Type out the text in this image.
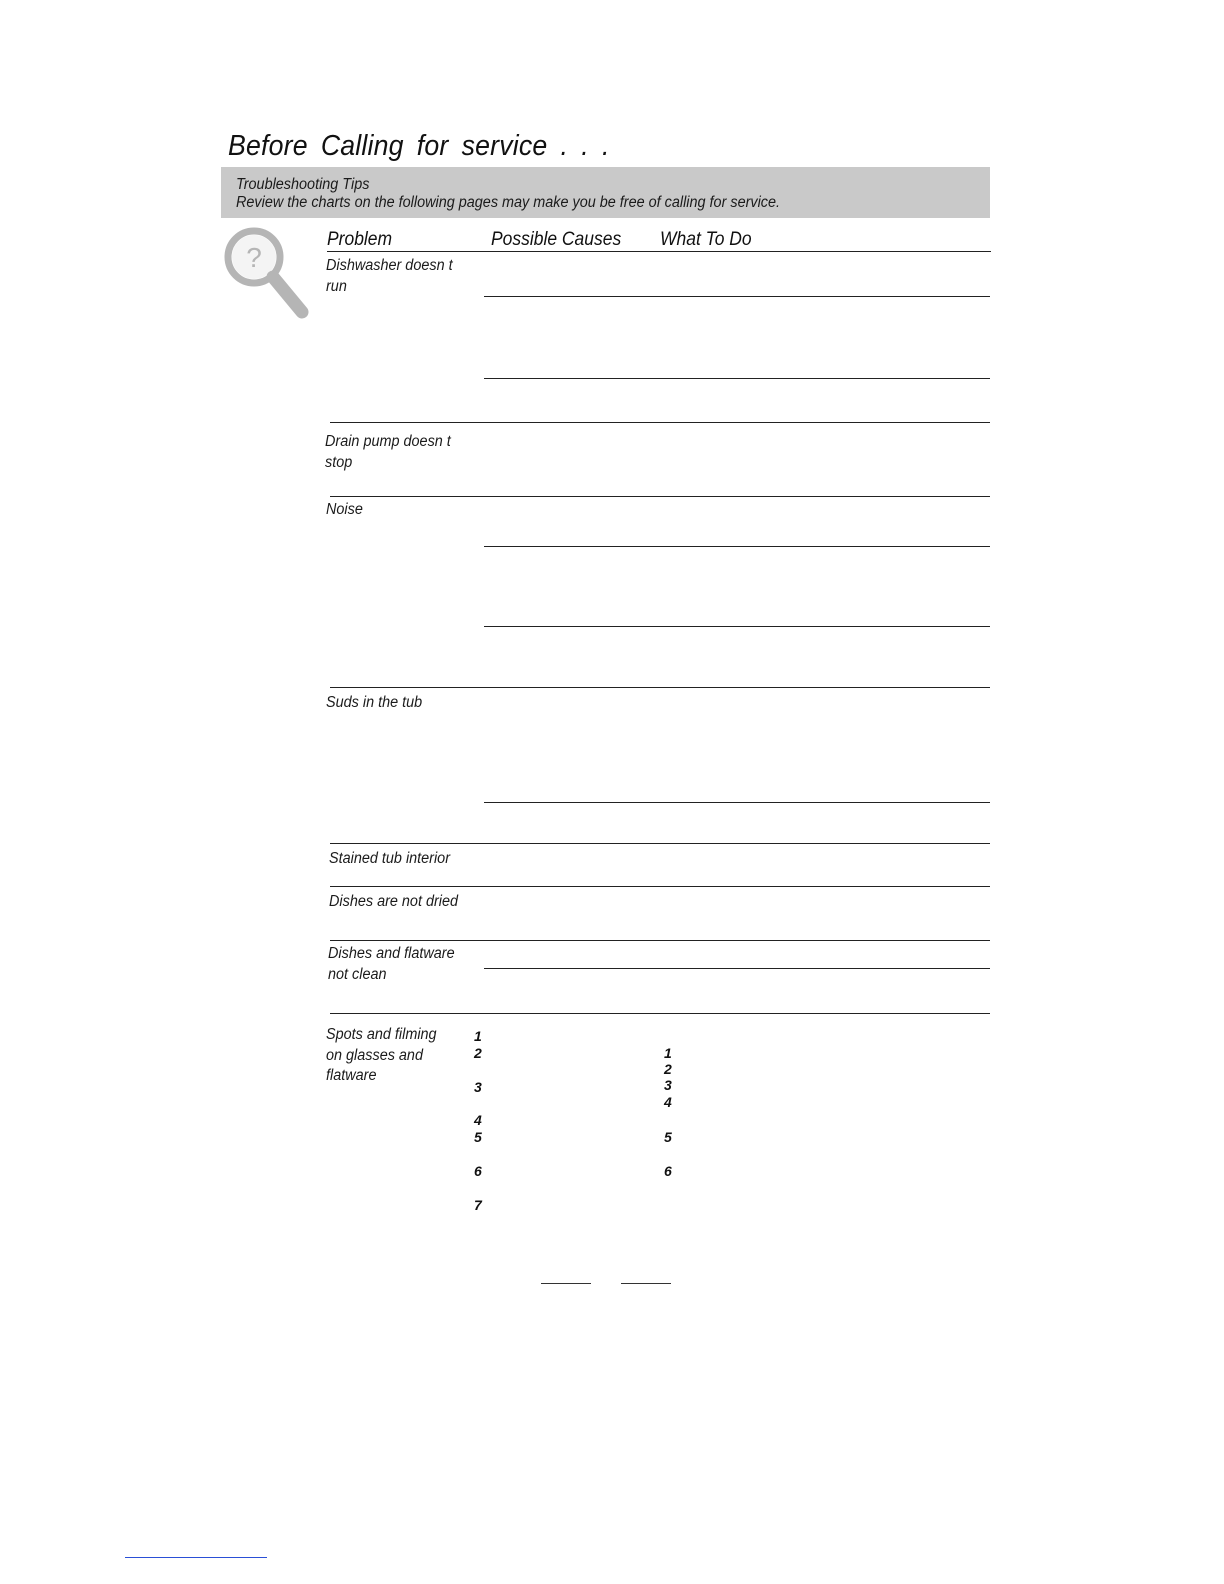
Before Calling for service . . .
Troubleshooting Tips
Review the charts on the following pages may make you be free of calling for service.
?
Problem	Possible Causes What To Do
Dishwasher doesn t
run
Drain pump doesn t
stop
Noise
Suds in the tub
Stained tub interior
Dishes are not dried
Dishes and flatware
not clean
Spots and filming
on glasses and
flatware
1
2
3
4
5
6
7
1
2
3
4
5
6
